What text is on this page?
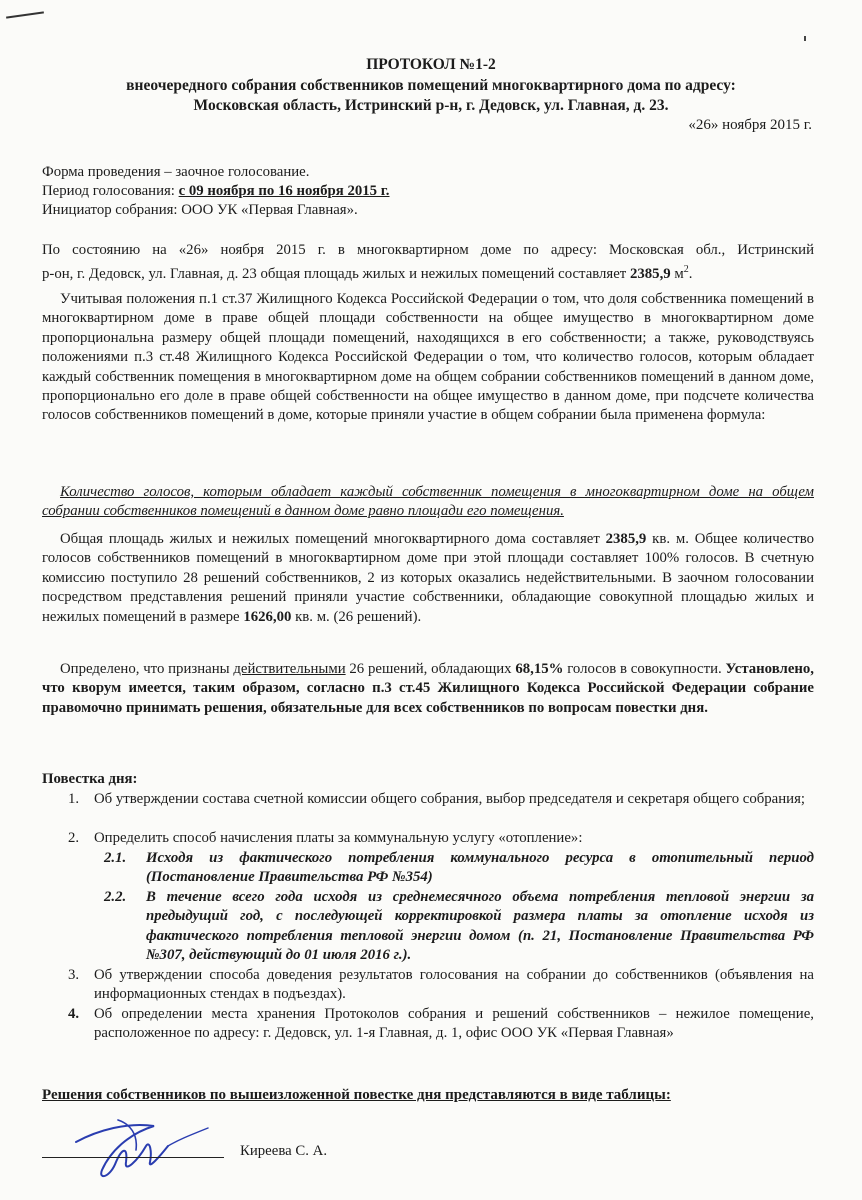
ПРОТОКОЛ №1-2
внеочередного собрания собственников помещений многоквартирного дома по адресу:
Московская область, Истринский р-н, г. Дедовск, ул. Главная, д. 23.
«26» ноября 2015 г.
Форма проведения – заочное голосование.
Период голосования: с 09 ноября по 16 ноября 2015 г.
Инициатор собрания: ООО УК «Первая Главная».
По состоянию на «26» ноября 2015 г. в многоквартирном доме по адресу: Московская обл., Истринский
р-он, г. Дедовск, ул. Главная, д. 23 общая площадь жилых и нежилых помещений составляет 2385,9 $м^2$.
Учитывая положения п.1 ст.37 Жилищного Кодекса Российской Федерации о том, что доля собственника помещений в многоквартирном доме в праве общей площади собственности на общее имущество в многоквартирном доме пропорциональна размеру общей площади помещений, находящихся в его собственности; а также, руководствуясь положениями п.3 ст.48 Жилищного Кодекса Российской Федерации о том, что количество голосов, которым обладает каждый собственник помещения в многоквартирном доме на общем собрании собственников помещений в данном доме, пропорционально его доле в праве общей собственности на общее имущество в данном доме, при подсчете количества голосов собственников помещений в доме, которые приняли участие в общем собрании была применена формула:
Количество голосов, которым обладает каждый собственник помещения в многоквартирном доме на общем собрании собственников помещений в данном доме равно площади его помещения.
Общая площадь жилых и нежилых помещений многоквартирного дома составляет 2385,9 кв. м. Общее количество голосов собственников помещений в многоквартирном доме при этой площади составляет 100% голосов. В счетную комиссию поступило 28 решений собственников, 2 из которых оказались недействительными. В заочном голосовании посредством представления решений приняли участие собственники, обладающие совокупной площадью жилых и нежилых помещений в размере 1626,00 кв. м. (26 решений).
Определено, что признаны действительными 26 решений, обладающих 68,15% голосов в совокупности. Установлено, что кворум имеется, таким образом, согласно п.3 ст.45 Жилищного Кодекса Российской Федерации собрание правомочно принимать решения, обязательные для всех собственников по вопросам повестки дня.
Повестка дня:
1. Об утверждении состава счетной комиссии общего собрания, выбор председателя и секретаря общего собрания;
2. Определить способ начисления платы за коммунальную услугу «отопление»:
2.1. Исходя из фактического потребления коммунального ресурса в отопительный период (Постановление Правительства РФ №354)
2.2. В течение всего года исходя из среднемесячного объема потребления тепловой энергии за предыдущий год, с последующей корректировкой размера платы за отопление исходя из фактического потребления тепловой энергии домом (п. 21, Постановление Правительства РФ №307, действующий до 01 июля 2016 г.).
3. Об утверждении способа доведения результатов голосования на собрании до собственников (объявления на информационных стендах в подъездах).
4. Об определении места хранения Протоколов собрания и решений собственников – нежилое помещение, расположенное по адресу: г. Дедовск, ул. 1-я Главная, д. 1, офис ООО УК «Первая Главная»
Решения собственников по вышеизложенной повестке дня представляются в виде таблицы:
Киреева С. А.
